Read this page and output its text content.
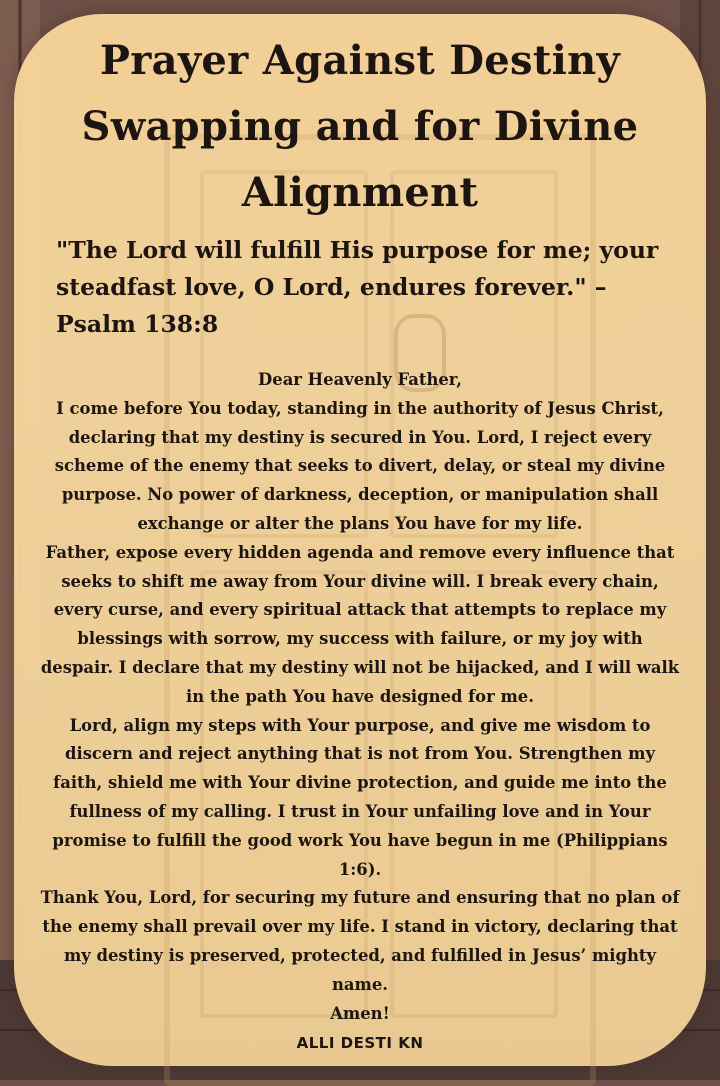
Prayer Against Destiny Swapping and for Divine Alignment
"The Lord will fulfill His purpose for me; your steadfast love, O Lord, endures forever." – Psalm 138:8

Dear Heavenly Father,

I come before You today, standing in the authority of Jesus Christ, declaring that my destiny is secured in You. Lord, I reject every scheme of the enemy that seeks to divert, delay, or steal my divine purpose. No power of darkness, deception, or manipulation shall exchange or alter the plans You have for my life.

Father, expose every hidden agenda and remove every influence that seeks to shift me away from Your divine will. I break every chain, every curse, and every spiritual attack that attempts to replace my blessings with sorrow, my success with failure, or my joy with despair. I declare that my destiny will not be hijacked, and I will walk in the path You have designed for me.

Lord, align my steps with Your purpose, and give me wisdom to discern and reject anything that is not from You. Strengthen my faith, shield me with Your divine protection, and guide me into the fullness of my calling. I trust in Your unfailing love and in Your promise to fulfill the good work You have begun in me (Philippians 1:6).

Thank You, Lord, for securing my future and ensuring that no plan of the enemy shall prevail over my life. I stand in victory, declaring that my destiny is preserved, protected, and fulfilled in Jesus’ mighty name.

Amen!

ALLI DESTI KN
